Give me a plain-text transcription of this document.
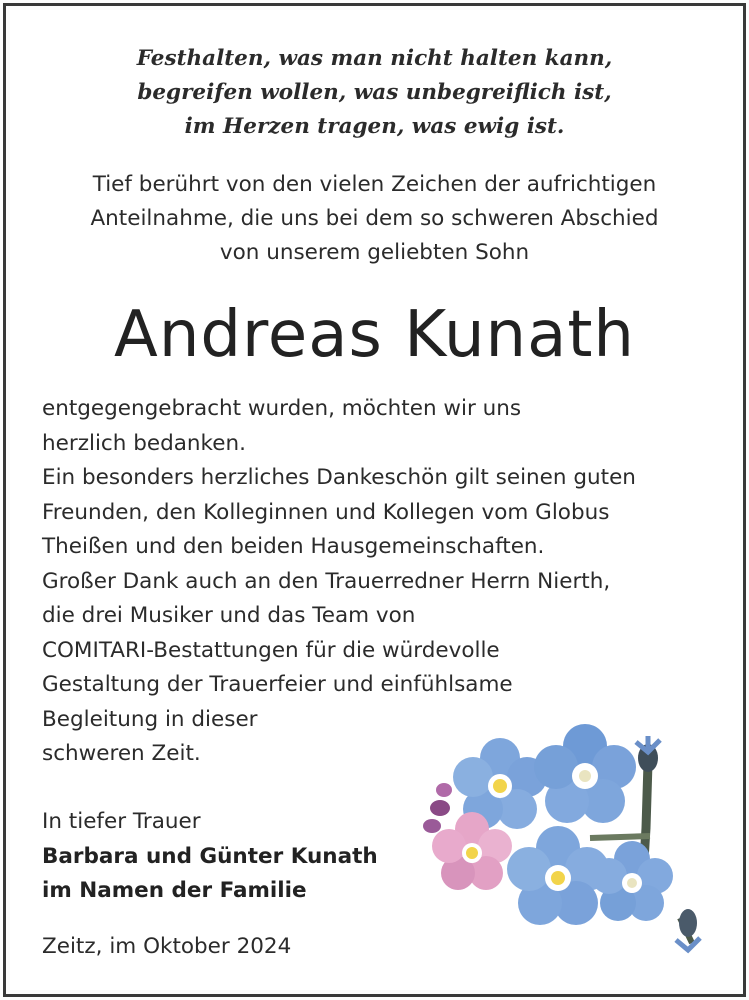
Festhalten, was man nicht halten kann,
begreifen wollen, was unbegreiflich ist,
im Herzen tragen, was ewig ist.
Tief berührt von den vielen Zeichen der aufrichtigen
Anteilnahme, die uns bei dem so schweren Abschied
von unserem geliebten Sohn
Andreas Kunath
entgegengebracht wurden, möchten wir uns
herzlich bedanken.
Ein besonders herzliches Dankeschön gilt seinen guten
Freunden, den Kolleginnen und Kollegen vom Globus
Theißen und den beiden Hausgemeinschaften.
Großer Dank auch an den Trauerredner Herrn Nierth,
die drei Musiker und das Team von
COMITARI-Bestattungen für die würdevolle
Gestaltung der Trauerfeier und einfühlsame
Begleitung in dieser
schweren Zeit.
In tiefer Trauer
Barbara und Günter Kunath
im Namen der Familie
Zeitz, im Oktober 2024
